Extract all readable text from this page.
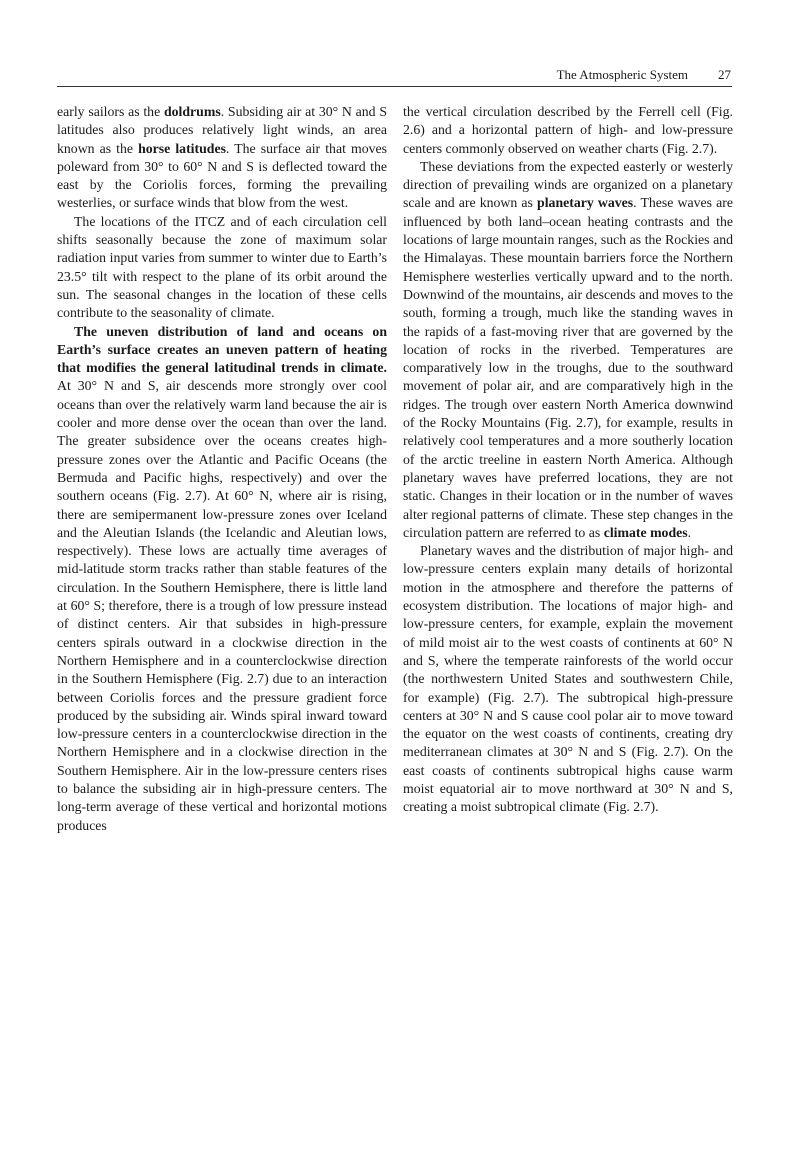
The Atmospheric System 27

early sailors as the doldrums. Subsiding air at 30° N and S latitudes also produces relatively light winds, an area known as the horse latitudes. The surface air that moves poleward from 30° to 60° N and S is deflected toward the east by the Coriolis forces, forming the prevailing westerlies, or surface winds that blow from the west.

The locations of the ITCZ and of each circulation cell shifts seasonally because the zone of maximum solar radiation input varies from summer to winter due to Earth’s 23.5° tilt with respect to the plane of its orbit around the sun. The seasonal changes in the location of these cells contribute to the seasonality of climate.

The uneven distribution of land and oceans on Earth’s surface creates an uneven pattern of heating that modifies the general latitudinal trends in climate. At 30° N and S, air descends more strongly over cool oceans than over the relatively warm land because the air is cooler and more dense over the ocean than over the land. The greater subsidence over the oceans creates high-pressure zones over the Atlantic and Pacific Oceans (the Bermuda and Pacific highs, respectively) and over the southern oceans (Fig. 2.7). At 60° N, where air is rising, there are semipermanent low-pressure zones over Iceland and the Aleutian Islands (the Icelandic and Aleutian lows, respectively). These lows are actually time averages of mid-latitude storm tracks rather than stable features of the circulation. In the Southern Hemisphere, there is little land at 60° S; therefore, there is a trough of low pressure instead of distinct centers. Air that subsides in high-pressure centers spirals outward in a clockwise direction in the Northern Hemisphere and in a counterclockwise direction in the Southern Hemisphere (Fig. 2.7) due to an interaction between Coriolis forces and the pressure gradient force produced by the subsiding air. Winds spiral inward toward low-pressure centers in a counterclockwise direction in the Northern Hemisphere and in a clockwise direction in the Southern Hemisphere. Air in the low-pressure centers rises to balance the subsiding air in high-pressure centers. The long-term average of these vertical and horizontal motions produces

the vertical circulation described by the Ferrell cell (Fig. 2.6) and a horizontal pattern of high- and low-pressure centers commonly observed on weather charts (Fig. 2.7).

These deviations from the expected easterly or westerly direction of prevailing winds are organized on a planetary scale and are known as planetary waves. These waves are influenced by both land–ocean heating contrasts and the locations of large mountain ranges, such as the Rockies and the Himalayas. These mountain barriers force the Northern Hemisphere westerlies vertically upward and to the north. Downwind of the mountains, air descends and moves to the south, forming a trough, much like the standing waves in the rapids of a fast-moving river that are governed by the location of rocks in the riverbed. Temperatures are comparatively low in the troughs, due to the southward movement of polar air, and are comparatively high in the ridges. The trough over eastern North America downwind of the Rocky Mountains (Fig. 2.7), for example, results in relatively cool temperatures and a more southerly location of the arctic treeline in eastern North America. Although planetary waves have preferred locations, they are not static. Changes in their location or in the number of waves alter regional patterns of climate. These step changes in the circulation pattern are referred to as climate modes.

Planetary waves and the distribution of major high- and low-pressure centers explain many details of horizontal motion in the atmosphere and therefore the patterns of ecosystem distribution. The locations of major high- and low-pressure centers, for example, explain the movement of mild moist air to the west coasts of continents at 60° N and S, where the temperate rainforests of the world occur (the northwestern United States and southwestern Chile, for example) (Fig. 2.7). The subtropical high-pressure centers at 30° N and S cause cool polar air to move toward the equator on the west coasts of continents, creating dry mediterranean climates at 30° N and S (Fig. 2.7). On the east coasts of continents subtropical highs cause warm moist equatorial air to move northward at 30° N and S, creating a moist subtropical climate (Fig. 2.7).
